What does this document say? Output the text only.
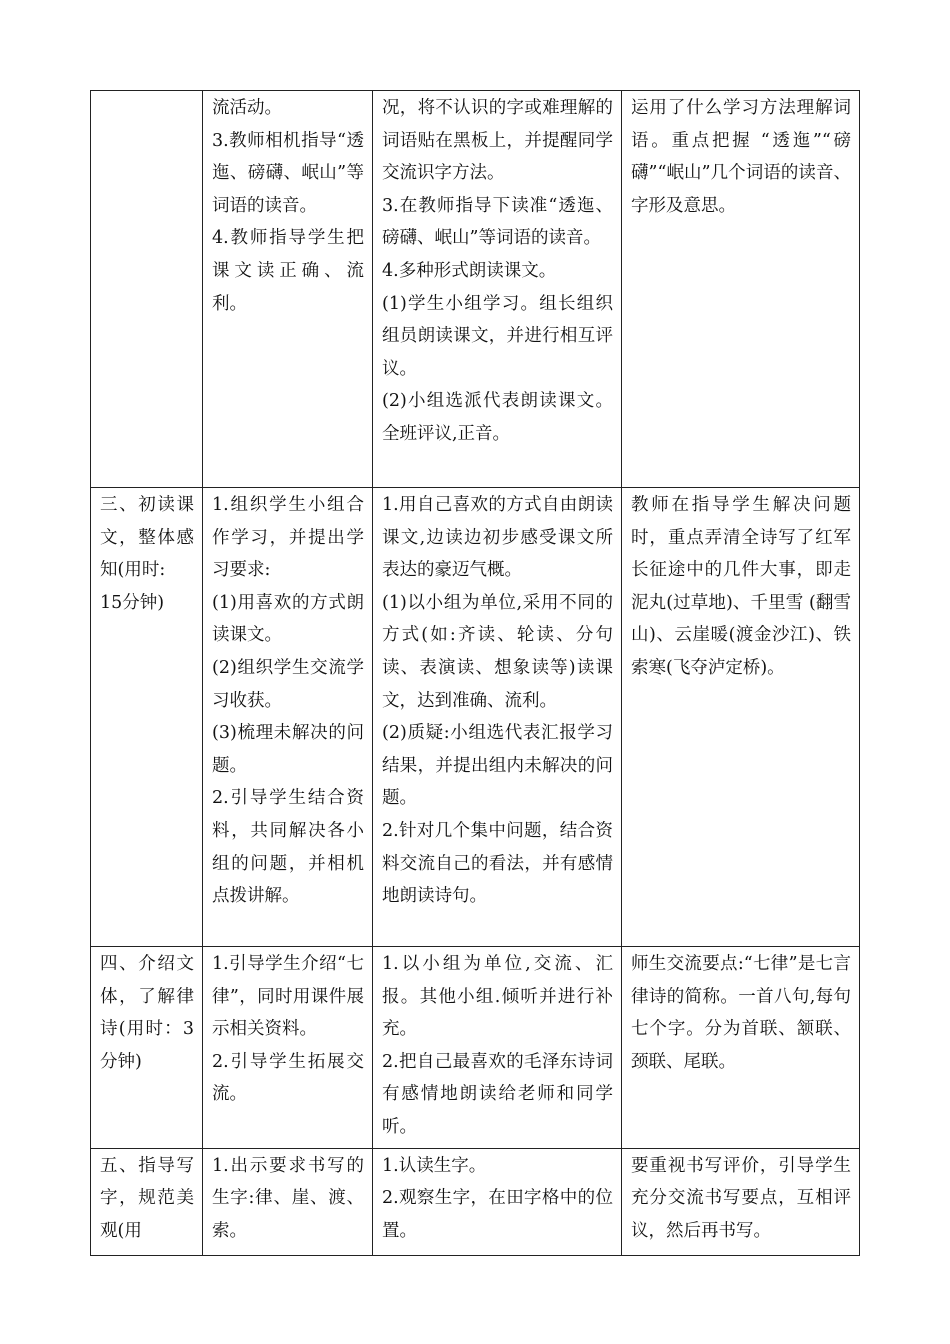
	流活动。
3.教师相机指导“透迤、磅礴、岷山”等词语的读音。
4.教师指导学生把课文读正确、流利。	况，将不认识的字或难理解的词语贴在黑板上，并提醒同学交流识字方法。
3.在教师指导下读准“透迤、磅礴、岷山”等词语的读音。
4.多种形式朗读课文。
(1)学生小组学习。组长组织组员朗读课文，并进行相互评议。
(2)小组选派代表朗读课文。全班评议,正音。	运用了什么学习方法理解词语。重点把握 “透迤”“磅礴”“岷山”几个词语的读音、字形及意思。

三、初读课文，整体感知(用时:
15分钟)	1.组织学生小组合作学习，并提出学习要求:
(1)用喜欢的方式朗读课文。
(2)组织学生交流学习收获。
(3)梳理未解决的问题。
2.引导学生结合资料，共同解决各小组的问题，并相机点拨讲解。	1.用自己喜欢的方式自由朗读课文,边读边初步感受课文所表达的豪迈气概。
(1)以小组为单位,采用不同的方式(如:齐读、轮读、分句读、表演读、想象读等)读课文，达到准确、流利。
(2)质疑:小组选代表汇报学习结果，并提出组内未解决的问题。
2.针对几个集中问题，结合资料交流自己的看法，并有感情地朗读诗句。	教师在指导学生解决问题时，重点弄清全诗写了红军长征途中的几件大事，即走泥丸(过草地)、千里雪 (翻雪山)、云崖暖(渡金沙江)、铁索寒(飞夺泸定桥)。

四、介绍文体，了解律诗(用时：3分钟)	1.引导学生介绍“七律”，同时用课件展示相关资料。
2.引导学生拓展交流。	1.以小组为单位,交流、汇报。其他小组.倾听并进行补充。
2.把自己最喜欢的毛泽东诗词有感情地朗读给老师和同学听。	师生交流要点:“七律”是七言律诗的简称。一首八句,每句七个字。分为首联、颔联、颈联、尾联。

五、指导写字，规范美观(用	1.出示要求书写的生字:律、崖、渡、索。	1.认读生字。
2.观察生字，在田字格中的位置。	要重视书写评价，引导学生充分交流书写要点，互相评议，然后再书写。
